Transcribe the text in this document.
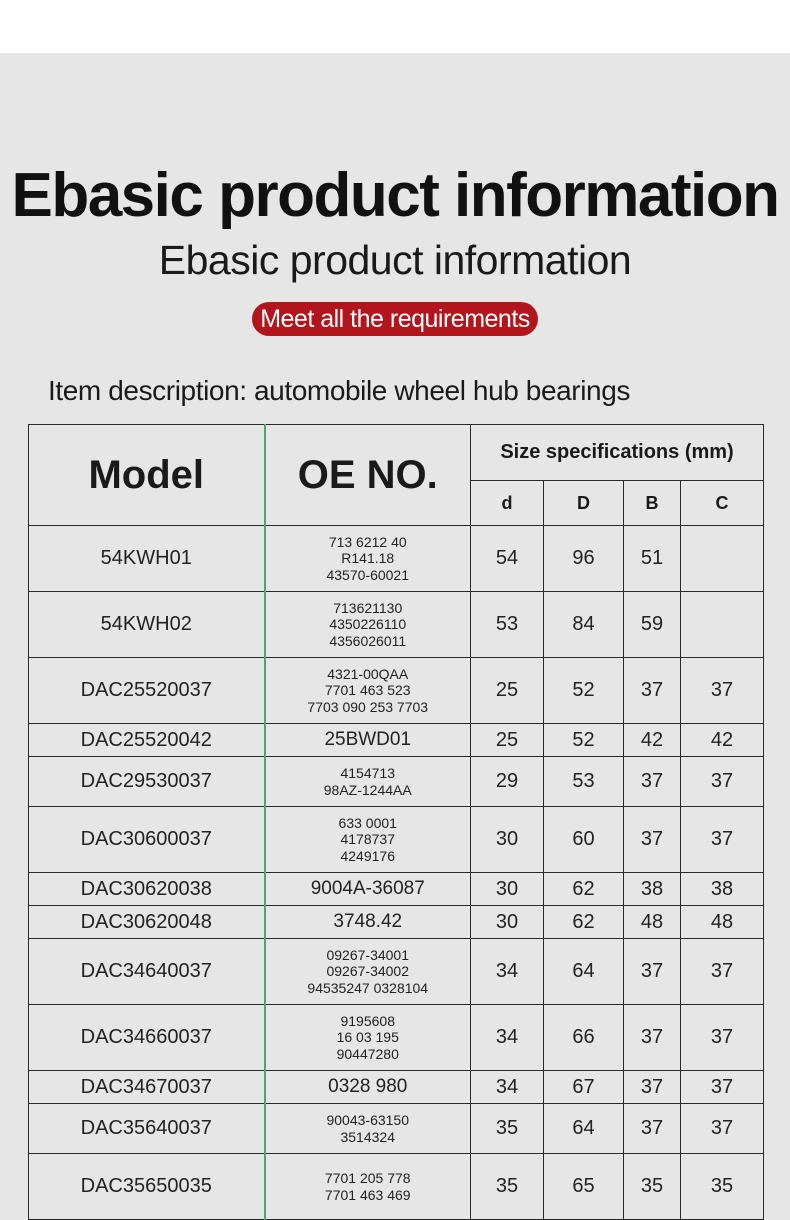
Ebasic product information
Ebasic product information
Meet all the requirements
Item description: automobile wheel hub bearings
Model	OE NO.	Size specifications (mm)			
		d	D	B	C
54KWH01	713 6212 40
R141.18
43570-60021	54	96	51	
54KWH02	713621130
4350226110
4356026011	53	84	59	
DAC25520037	4321-00QAA
7701 463 523
7703 090 253 7703	25	52	37	37
DAC25520042	25BWD01	25	52	42	42
DAC29530037	4154713
98AZ-1244AA	29	53	37	37
DAC30600037	633 0001
4178737
4249176	30	60	37	37
DAC30620038	9004A-36087	30	62	38	38
DAC30620048	3748.42	30	62	48	48
DAC34640037	09267-34001
09267-34002
94535247 0328104	34	64	37	37
DAC34660037	9195608
16 03 195
90447280	34	66	37	37
DAC34670037	0328 980	34	67	37	37
DAC35640037	90043-63150
3514324	35	64	37	37
DAC35650035	7701 205 778
7701 463 469	35	65	35	35
